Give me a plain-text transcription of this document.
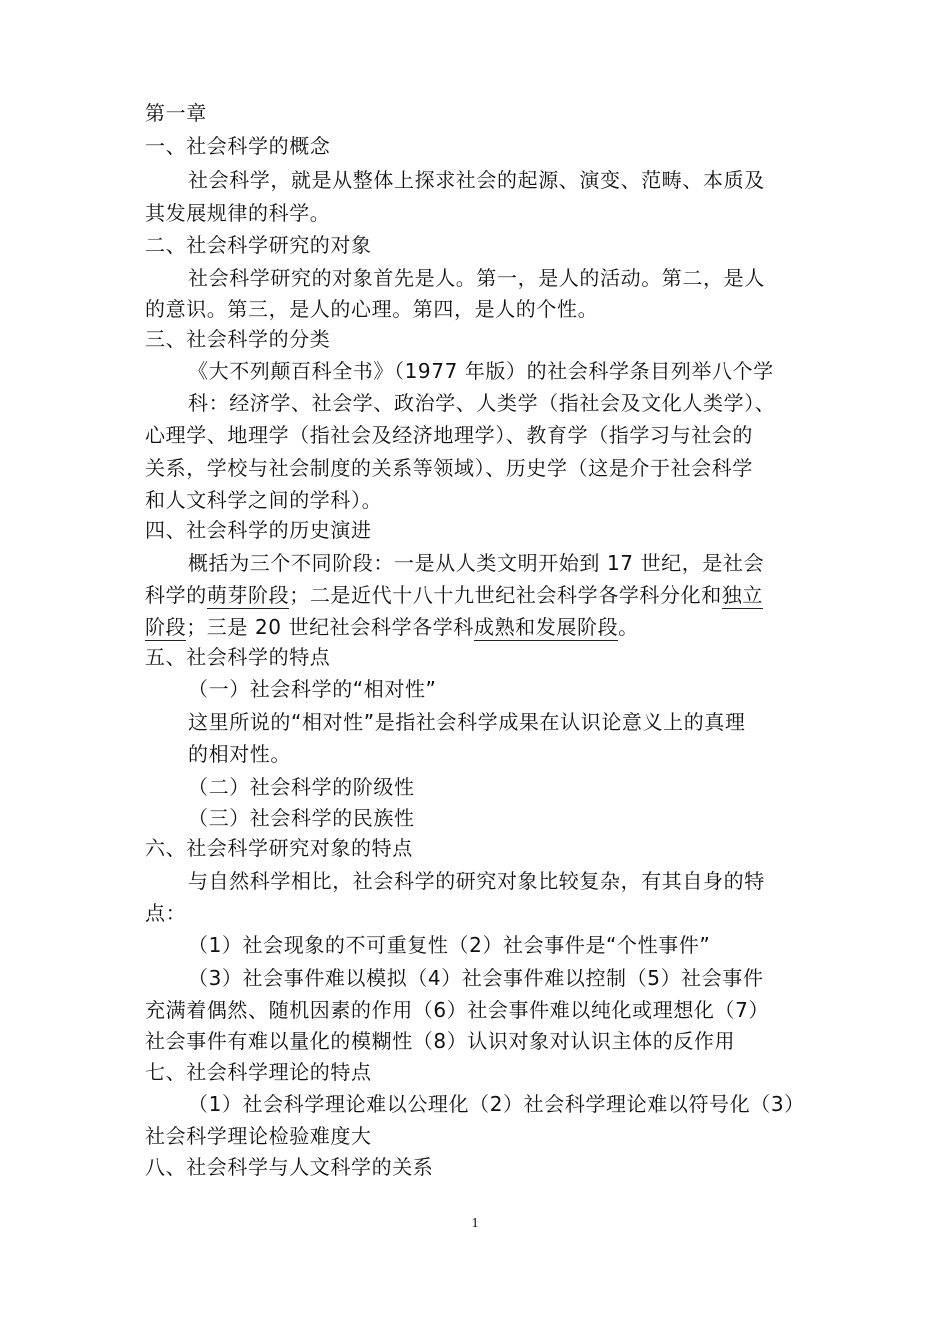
第一章
一、社会科学的概念
社会科学，就是从整体上探求社会的起源、演变、范畴、本质及
其发展规律的科学。
二、社会科学研究的对象
社会科学研究的对象首先是人。第一，是人的活动。第二，是人
的意识。第三，是人的心理。第四，是人的个性。
三、社会科学的分类
《大不列颠百科全书》（1977 年版）的社会科学条目列举八个学
科：经济学、社会学、政治学、人类学（指社会及文化人类学）、
心理学、地理学（指社会及经济地理学）、教育学（指学习与社会的
关系，学校与社会制度的关系等领域）、历史学（这是介于社会科学
和人文科学之间的学科）。
四、社会科学的历史演进
概括为三个不同阶段：一是从人类文明开始到 17 世纪，是社会
科学的萌芽阶段；二是近代十八十九世纪社会科学各学科分化和独立
阶段；三是 20 世纪社会科学各学科成熟和发展阶段。
五、社会科学的特点
（一）社会科学的“相对性”
这里所说的“相对性”是指社会科学成果在认识论意义上的真理
的相对性。
（二）社会科学的阶级性
（三）社会科学的民族性
六、社会科学研究对象的特点
与自然科学相比，社会科学的研究对象比较复杂，有其自身的特
点：
（1）社会现象的不可重复性（2）社会事件是“个性事件”
（3）社会事件难以模拟（4）社会事件难以控制（5）社会事件
充满着偶然、随机因素的作用（6）社会事件难以纯化或理想化（7）
社会事件有难以量化的模糊性（8）认识对象对认识主体的反作用
七、社会科学理论的特点
（1）社会科学理论难以公理化（2）社会科学理论难以符号化（3）
社会科学理论检验难度大
八、社会科学与人文科学的关系
1
